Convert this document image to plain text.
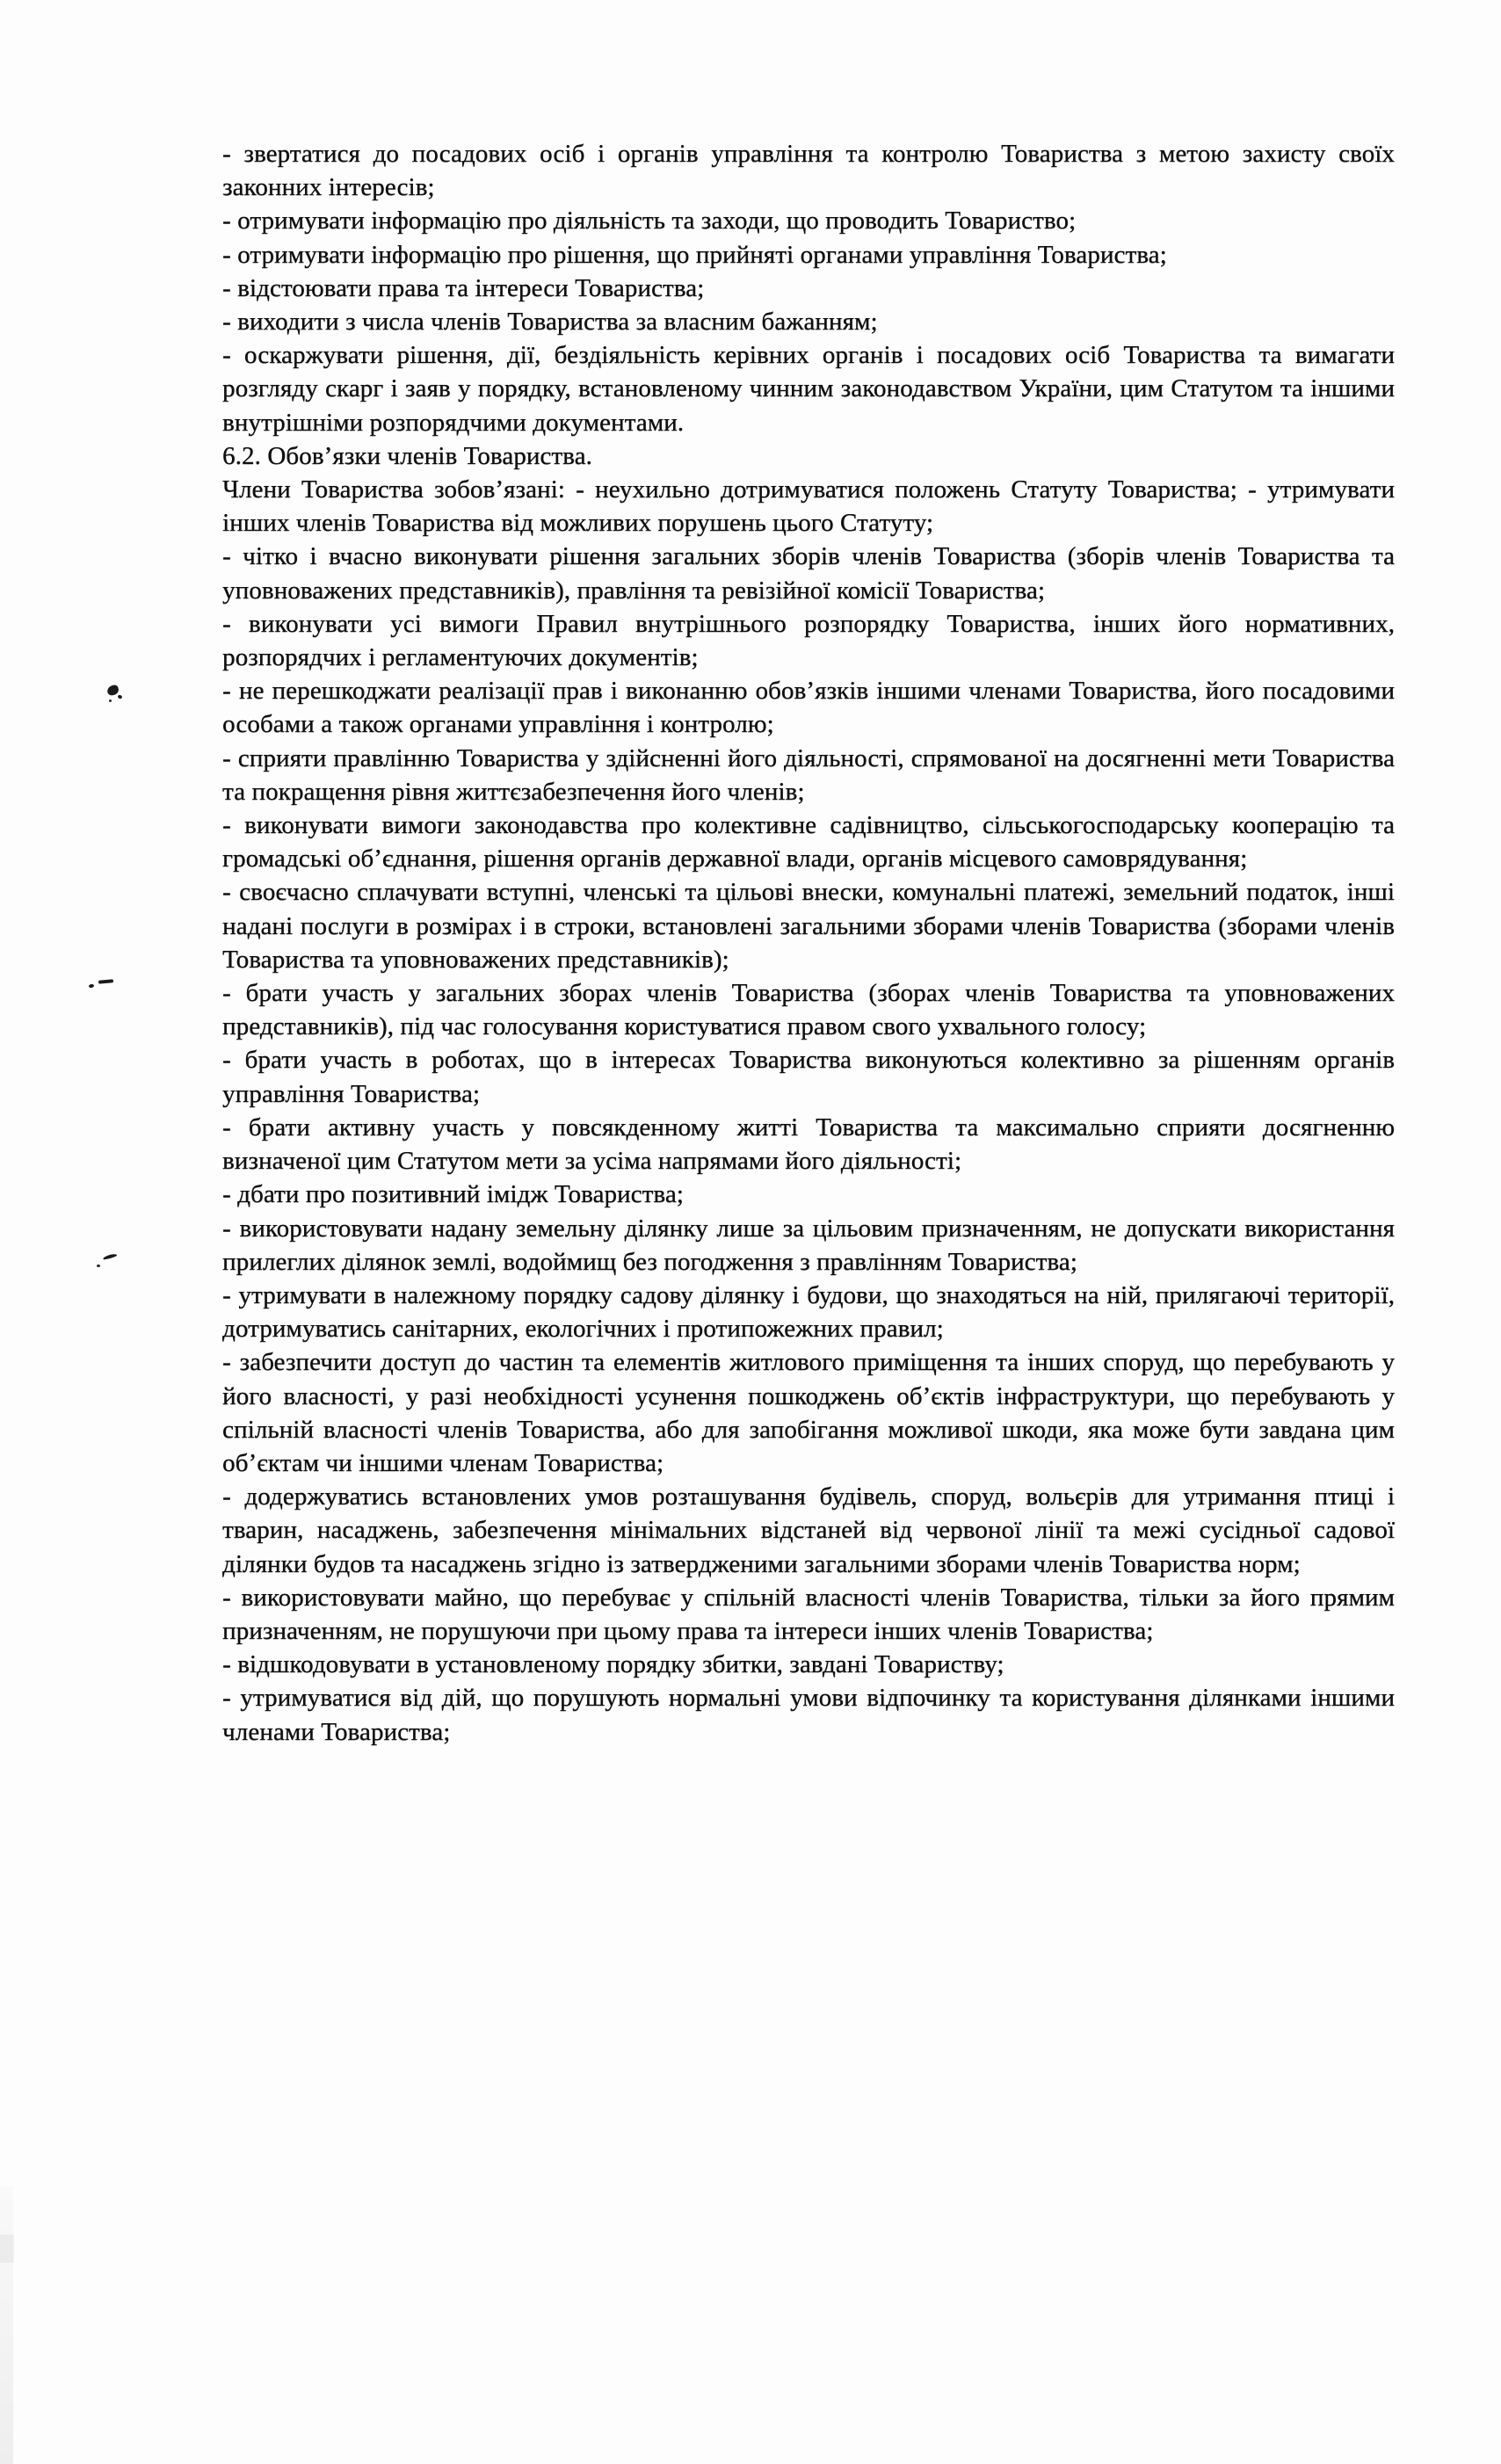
- звертатися до посадових осіб і органів управління та контролю Товариства з метою захисту своїх законних інтересів;

- отримувати інформацію про діяльність та заходи, що проводить Товариство;

- отримувати інформацію про рішення, що прийняті органами управління Товариства;

- відстоювати права та інтереси Товариства;

- виходити з числа членів Товариства за власним бажанням;

- оскаржувати рішення, дії, бездіяльність керівних органів і посадових осіб Товариства та вимагати розгляду скарг і заяв у порядку, встановленому чинним законодавством України, цим Статутом та іншими внутрішніми розпорядчими документами.

6.2. Обов’язки членів Товариства.

Члени Товариства зобов’язані: - неухильно дотримуватися положень Статуту Товариства; - утримувати інших членів Товариства від можливих порушень цього Статуту;

- чітко і вчасно виконувати рішення загальних зборів членів Товариства (зборів членів Товариства та уповноважених представників), правління та ревізійної комісії Товариства;

- виконувати усі вимоги Правил внутрішнього розпорядку Товариства, інших його нормативних, розпорядчих і регламентуючих документів;

- не перешкоджати реалізації прав і виконанню обов’язків іншими членами Товариства, його посадовими особами а також органами управління і контролю;

- сприяти правлінню Товариства у здійсненні його діяльності, спрямованої на досягненні мети Товариства та покращення рівня життєзабезпечення його членів;

- виконувати вимоги законодавства про колективне садівництво, сільськогосподарську кооперацію та громадські об’єднання, рішення органів державної влади, органів місцевого самоврядування;

- своєчасно сплачувати вступні, членські та цільові внески, комунальні платежі, земельний податок, інші надані послуги в розмірах і в строки, встановлені загальними зборами членів Товариства (зборами членів Товариства та уповноважених представників);

- брати участь у загальних зборах членів Товариства (зборах членів Товариства та уповноважених представників), під час голосування користуватися правом свого ухвального голосу;

- брати участь в роботах, що в інтересах Товариства виконуються колективно за рішенням органів управління Товариства;

- брати активну участь у повсякденному житті Товариства та максимально сприяти досягненню визначеної цим Статутом мети за усіма напрямами його діяльності;

- дбати про позитивний імідж Товариства;

- використовувати надану земельну ділянку лише за цільовим призначенням, не допускати використання прилеглих ділянок землі, водоймищ без погодження з правлінням Товариства;

- утримувати в належному порядку садову ділянку і будови, що знаходяться на ній, прилягаючі території, дотримуватись санітарних, екологічних і протипожежних правил;

- забезпечити доступ до частин та елементів житлового приміщення та інших споруд, що перебувають у його власності, у разі необхідності усунення пошкоджень об’єктів інфраструктури, що перебувають у спільній власності членів Товариства, або для запобігання можливої шкоди, яка може бути завдана цим об’єктам чи іншими членам Товариства;

- додержуватись встановлених умов розташування будівель, споруд, вольєрів для утримання птиці і тварин, насаджень, забезпечення мінімальних відстаней від червоної лінії та межі сусідньої садової ділянки будов та насаджень згідно із затвердженими загальними зборами членів Товариства норм;

- використовувати майно, що перебуває у спільній власності членів Товариства, тільки за його прямим призначенням, не порушуючи при цьому права та інтереси інших членів Товариства;

- відшкодовувати в установленому порядку збитки, завдані Товариству;

- утримуватися від дій, що порушують нормальні умови відпочинку та користування ділянками іншими членами Товариства;
